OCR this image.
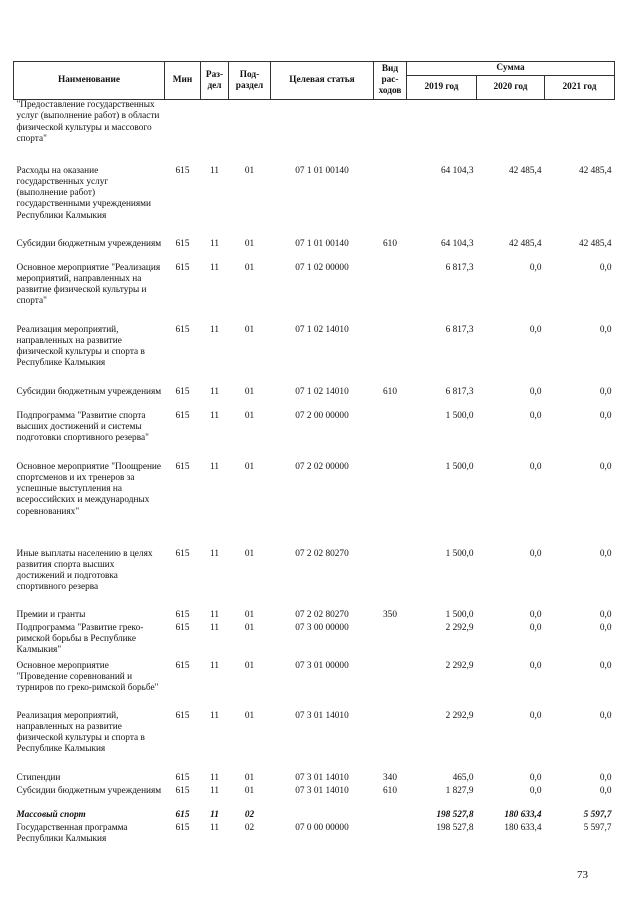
Наименование	Мин	Раз-дел	Под-раздел	Целевая статья	Вид рас-ходов	Сумма		
						2019 год	2020 год	2021 год
"Предоставление государственных услуг (выполнение работ) в области физической культуры и массового спорта"								
Расходы на оказание государственных услуг (выполнение работ) государственными учреждениями Республики Калмыкия	615	11	01	07 1 01 00140		64 104,3	42 485,4	42 485,4
Субсидии бюджетным учреждениям	615	11	01	07 1 01 00140	610	64 104,3	42 485,4	42 485,4
Основное мероприятие "Реализация мероприятий, направленных на развитие физической культуры и спорта"	615	11	01	07 1 02 00000		6 817,3	0,0	0,0
Реализация мероприятий, направленных на развитие физической культуры и спорта в Республике Калмыкия	615	11	01	07 1 02 14010		6 817,3	0,0	0,0
Субсидии бюджетным учреждениям	615	11	01	07 1 02 14010	610	6 817,3	0,0	0,0
Подпрограмма "Развитие спорта высших достижений и системы подготовки спортивного резерва"	615	11	01	07 2 00 00000		1 500,0	0,0	0,0
Основное мероприятие "Поощрение спортсменов и их тренеров за успешные выступления на всероссийских и международных соревнованиях"	615	11	01	07 2 02 00000		1 500,0	0,0	0,0
Иные выплаты населению в целях развития спорта высших достижений и подготовка спортивного резерва	615	11	01	07 2 02 80270		1 500,0	0,0	0,0
Премии и гранты	615	11	01	07 2 02 80270	350	1 500,0	0,0	0,0
Подпрограмма "Развитие греко-римской борьбы в Республике Калмыкия"	615	11	01	07 3 00 00000		2 292,9	0,0	0,0
Основное мероприятие "Проведение соревнований и турниров по греко-римской борьбе"	615	11	01	07 3 01 00000		2 292,9	0,0	0,0
Реализация мероприятий, направленных на развитие физической культуры и спорта в Республике Калмыкия	615	11	01	07 3 01 14010		2 292,9	0,0	0,0
Стипендии	615	11	01	07 3 01 14010	340	465,0	0,0	0,0
Субсидии бюджетным учреждениям	615	11	01	07 3 01 14010	610	1 827,9	0,0	0,0
Массовый спорт	615	11	02			198 527,8	180 633,4	5 597,7
Государственная программа Республики Калмыкия	615	11	02	07 0 00 00000		198 527,8	180 633,4	5 597,7
73
